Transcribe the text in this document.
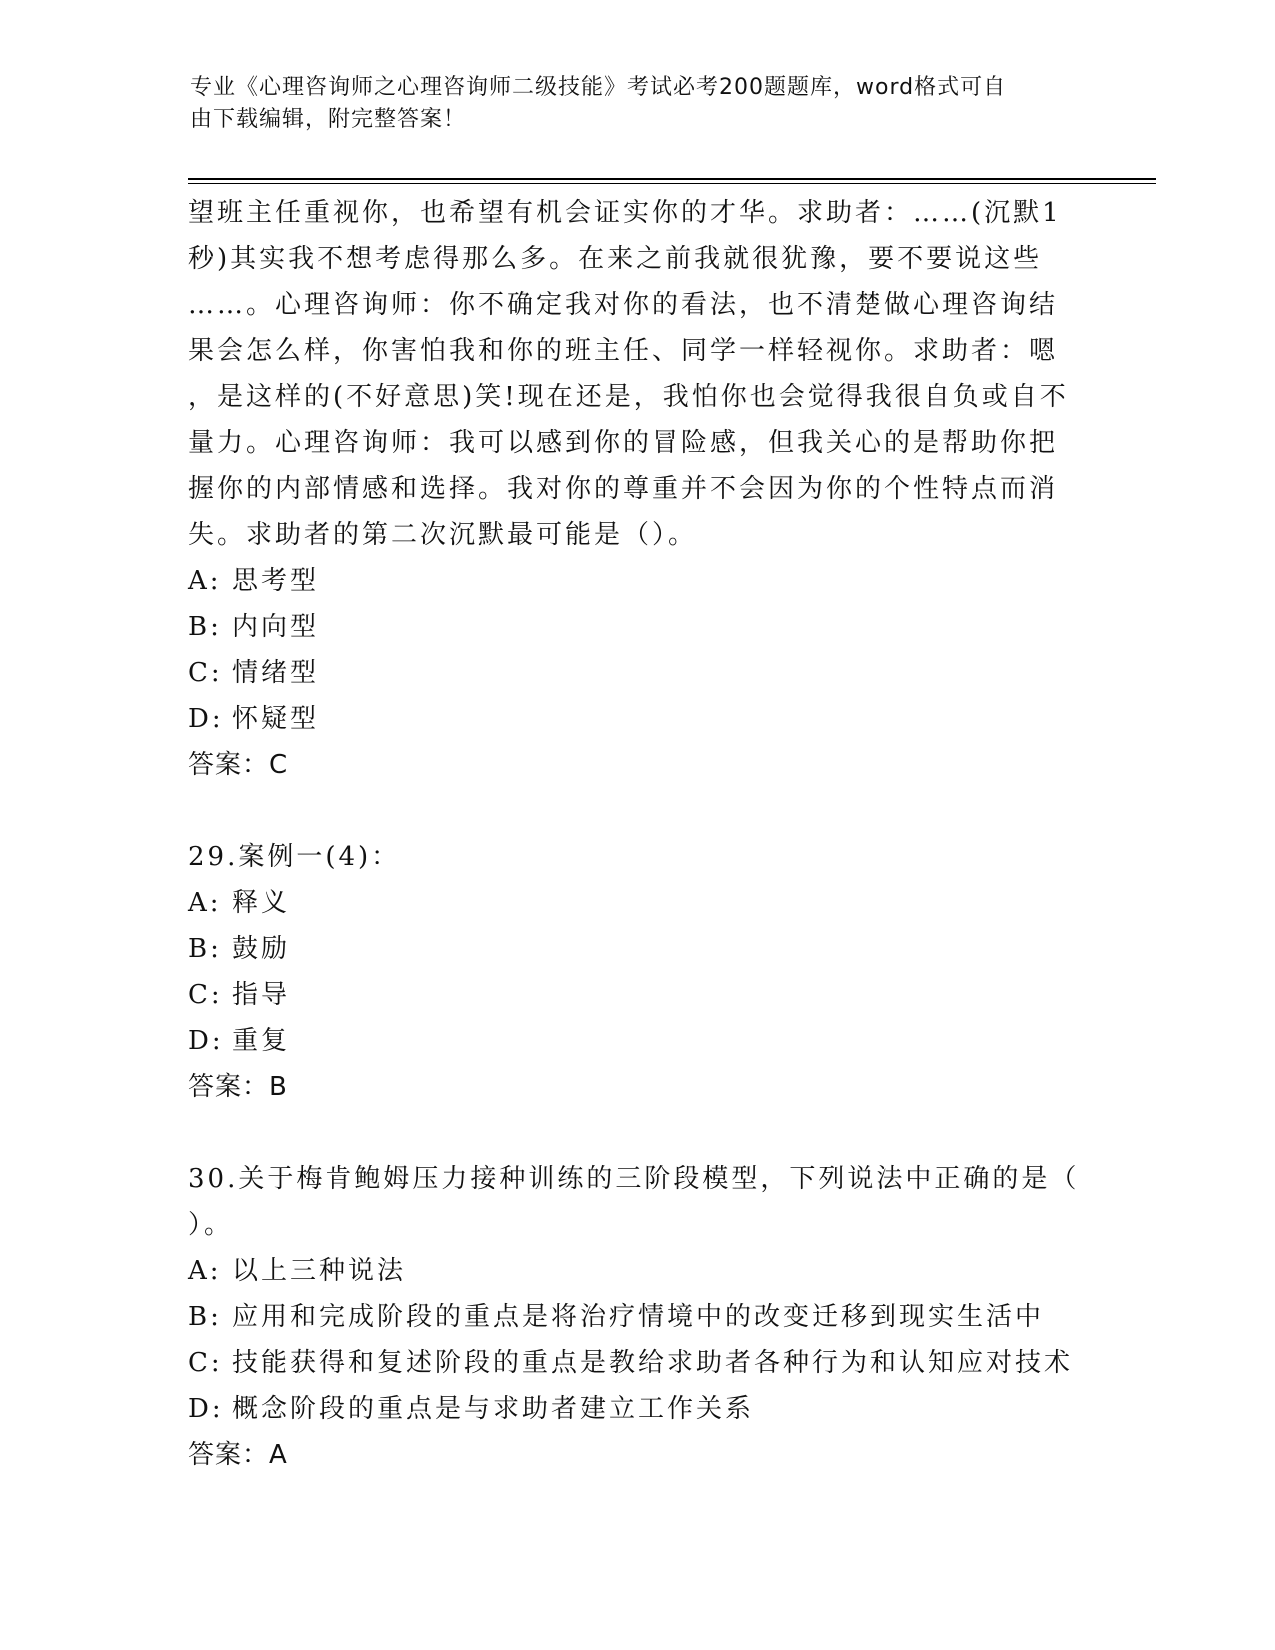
专业《心理咨询师之心理咨询师二级技能》考试必考200题题库，word格式可自
由下载编辑，附完整答案！

望班主任重视你，也希望有机会证实你的才华。求助者：……(沉默1

秒)其实我不想考虑得那么多。在来之前我就很犹豫，要不要说这些

……。心理咨询师：你不确定我对你的看法，也不清楚做心理咨询结

果会怎么样，你害怕我和你的班主任、同学一样轻视你。求助者：嗯

，是这样的(不好意思)笑!现在还是，我怕你也会觉得我很自负或自不

量力。心理咨询师：我可以感到你的冒险感，但我关心的是帮助你把

握你的内部情感和选择。我对你的尊重并不会因为你的个性特点而消

失。求助者的第二次沉默最可能是（）。

A: 思考型

B: 内向型

C: 情绪型

D: 怀疑型

答案：C

29.案例一(4)：

A: 释义

B: 鼓励

C: 指导

D: 重复

答案：B

30.关于梅肯鲍姆压力接种训练的三阶段模型，下列说法中正确的是（

）。

A: 以上三种说法

B: 应用和完成阶段的重点是将治疗情境中的改变迁移到现实生活中

C: 技能获得和复述阶段的重点是教给求助者各种行为和认知应对技术

D: 概念阶段的重点是与求助者建立工作关系

答案：A
